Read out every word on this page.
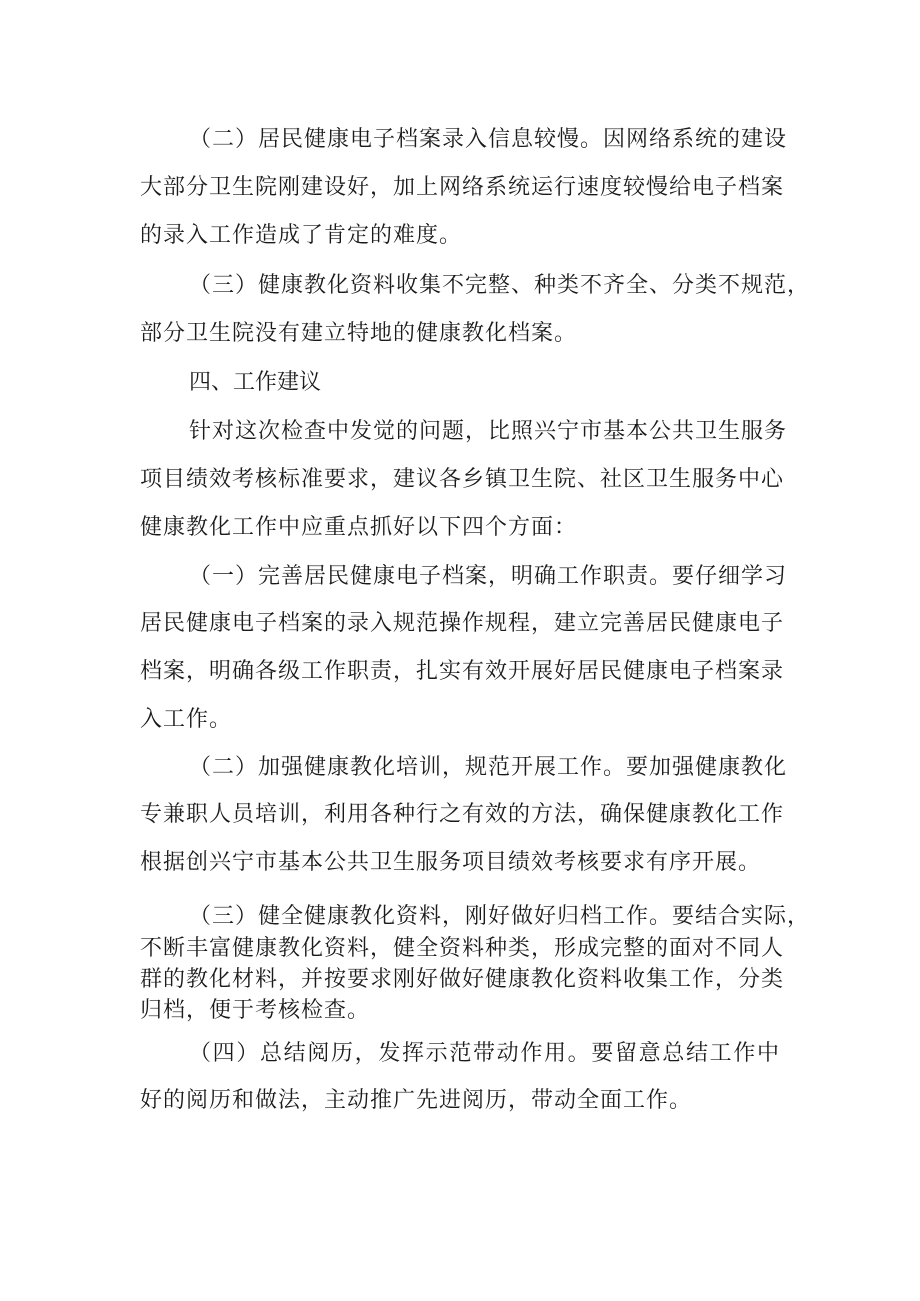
（二）居民健康电子档案录入信息较慢。因网络系统的建设
大部分卫生院刚建设好，加上网络系统运行速度较慢给电子档案
的录入工作造成了肯定的难度。
（三）健康教化资料收集不完整、种类不齐全、分类不规范，
部分卫生院没有建立特地的健康教化档案。
四、工作建议
针对这次检查中发觉的问题，比照兴宁市基本公共卫生服务
项目绩效考核标准要求，建议各乡镇卫生院、社区卫生服务中心
健康教化工作中应重点抓好以下四个方面：
（一）完善居民健康电子档案，明确工作职责。要仔细学习
居民健康电子档案的录入规范操作规程，建立完善居民健康电子
档案，明确各级工作职责，扎实有效开展好居民健康电子档案录
入工作。
（二）加强健康教化培训，规范开展工作。要加强健康教化
专兼职人员培训，利用各种行之有效的方法，确保健康教化工作
根据创兴宁市基本公共卫生服务项目绩效考核要求有序开展。
（三）健全健康教化资料，刚好做好归档工作。要结合实际，
不断丰富健康教化资料，健全资料种类，形成完整的面对不同人
群的教化材料，并按要求刚好做好健康教化资料收集工作，分类
归档，便于考核检查。
（四）总结阅历，发挥示范带动作用。要留意总结工作中
好的阅历和做法，主动推广先进阅历，带动全面工作。
